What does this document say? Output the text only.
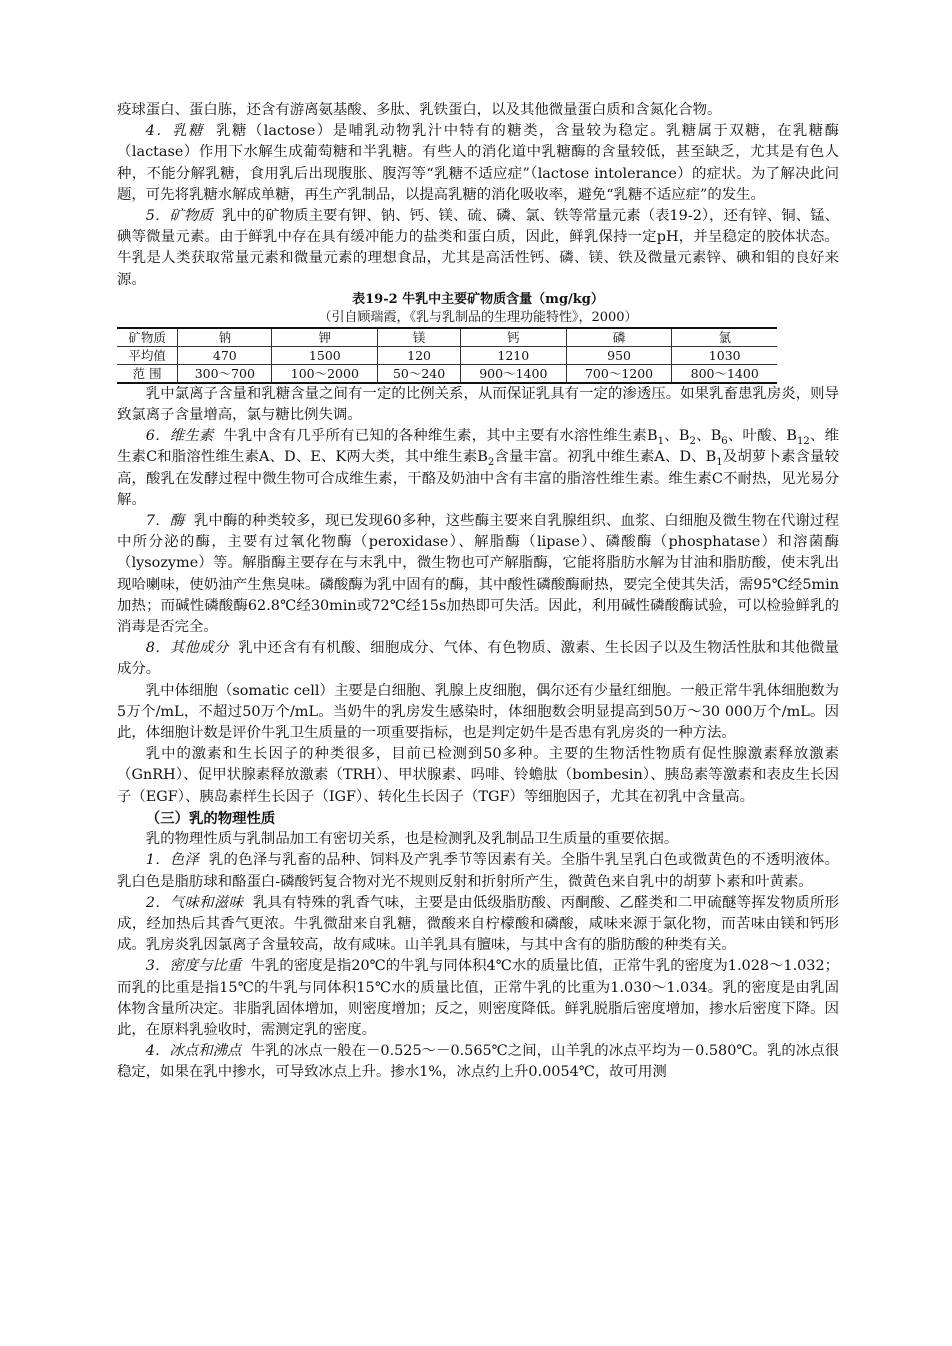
疫球蛋白、蛋白胨，还含有游离氨基酸、多肽、乳铁蛋白，以及其他微量蛋白质和含氮化合物。

4．乳糖 乳糖（lactose）是哺乳动物乳汁中特有的糖类，含量较为稳定。乳糖属于双糖，在乳糖酶（lactase）作用下水解生成葡萄糖和半乳糖。有些人的消化道中乳糖酶的含量较低，甚至缺乏，尤其是有色人种，不能分解乳糖，食用乳后出现腹胀、腹泻等“乳糖不适应症”（lactose intolerance）的症状。为了解决此问题，可先将乳糖水解成单糖，再生产乳制品，以提高乳糖的消化吸收率，避免“乳糖不适应症”的发生。

5．矿物质 乳中的矿物质主要有钾、钠、钙、镁、硫、磷、氯、铁等常量元素（表19-2），还有锌、铜、锰、碘等微量元素。由于鲜乳中存在具有缓冲能力的盐类和蛋白质，因此，鲜乳保持一定pH，并呈稳定的胶体状态。牛乳是人类获取常量元素和微量元素的理想食品，尤其是高活性钙、磷、镁、铁及微量元素锌、碘和钼的良好来源。

表19-2 牛乳中主要矿物质含量（mg/kg）
（引自顾瑞霞，《乳与乳制品的生理功能特性》，2000）
矿物质	钠	钾	镁	钙	磷	氯
平均值	470	1500	120	1210	950	1030
范 围	300～700	100～2000	50～240	900～1400	700～1200	800～1400

乳中氯离子含量和乳糖含量之间有一定的比例关系，从而保证乳具有一定的渗透压。如果乳畜患乳房炎，则导致氯离子含量增高，氯与糖比例失调。

6．维生素 牛乳中含有几乎所有已知的各种维生素，其中主要有水溶性维生素$B_1$、$B_2$、$B_6$、叶酸、$B_{12}$、维生素C和脂溶性维生素A、D、E、K两大类，其中维生素$B_2$含量丰富。初乳中维生素A、D、$B_1$及胡萝卜素含量较高，酸乳在发酵过程中微生物可合成维生素，干酪及奶油中含有丰富的脂溶性维生素。维生素C不耐热，见光易分解。

7．酶 乳中酶的种类较多，现已发现60多种，这些酶主要来自乳腺组织、血浆、白细胞及微生物在代谢过程中所分泌的酶，主要有过氧化物酶（peroxidase）、解脂酶（lipase）、磷酸酶（phosphatase）和溶菌酶（lysozyme）等。解脂酶主要存在与末乳中，微生物也可产解脂酶，它能将脂肪水解为甘油和脂肪酸，使末乳出现哈喇味，使奶油产生焦臭味。磷酸酶为乳中固有的酶，其中酸性磷酸酶耐热，要完全使其失活，需95℃经5min加热；而碱性磷酸酶62.8℃经30min或72℃经15s加热即可失活。因此，利用碱性磷酸酶试验，可以检验鲜乳的消毒是否完全。

8．其他成分 乳中还含有有机酸、细胞成分、气体、有色物质、激素、生长因子以及生物活性肽和其他微量成分。

乳中体细胞（somatic cell）主要是白细胞、乳腺上皮细胞，偶尔还有少量红细胞。一般正常牛乳体细胞数为5万个/mL，不超过50万个/mL。当奶牛的乳房发生感染时，体细胞数会明显提高到50万～30 000万个/mL。因此，体细胞计数是评价牛乳卫生质量的一项重要指标，也是判定奶牛是否患有乳房炎的一种方法。

乳中的激素和生长因子的种类很多，目前已检测到50多种。主要的生物活性物质有促性腺激素释放激素（GnRH）、促甲状腺素释放激素（TRH）、甲状腺素、吗啡、铃蟾肽（bombesin）、胰岛素等激素和表皮生长因子（EGF）、胰岛素样生长因子（IGF）、转化生长因子（TGF）等细胞因子，尤其在初乳中含量高。

（三）乳的物理性质

乳的物理性质与乳制品加工有密切关系，也是检测乳及乳制品卫生质量的重要依据。

1．色泽 乳的色泽与乳畜的品种、饲料及产乳季节等因素有关。全脂牛乳呈乳白色或微黄色的不透明液体。乳白色是脂肪球和酪蛋白-磷酸钙复合物对光不规则反射和折射所产生，微黄色来自乳中的胡萝卜素和叶黄素。

2．气味和滋味 乳具有特殊的乳香气味，主要是由低级脂肪酸、丙酮酸、乙醛类和二甲硫醚等挥发物质所形成，经加热后其香气更浓。牛乳微甜来自乳糖，微酸来自柠檬酸和磷酸，咸味来源于氯化物，而苦味由镁和钙形成。乳房炎乳因氯离子含量较高，故有咸味。山羊乳具有膻味，与其中含有的脂肪酸的种类有关。

3．密度与比重 牛乳的密度是指20℃的牛乳与同体积4℃水的质量比值，正常牛乳的密度为1.028～1.032；而乳的比重是指15℃的牛乳与同体积15℃水的质量比值，正常牛乳的比重为1.030～1.034。乳的密度是由乳固体物含量所决定。非脂乳固体增加，则密度增加；反之，则密度降低。鲜乳脱脂后密度增加，掺水后密度下降。因此，在原料乳验收时，需测定乳的密度。

4．冰点和沸点 牛乳的冰点一般在－0.525～－0.565℃之间，山羊乳的冰点平均为－0.580℃。乳的冰点很稳定，如果在乳中掺水，可导致冰点上升。掺水1%，冰点约上升0.0054℃，故可用测
